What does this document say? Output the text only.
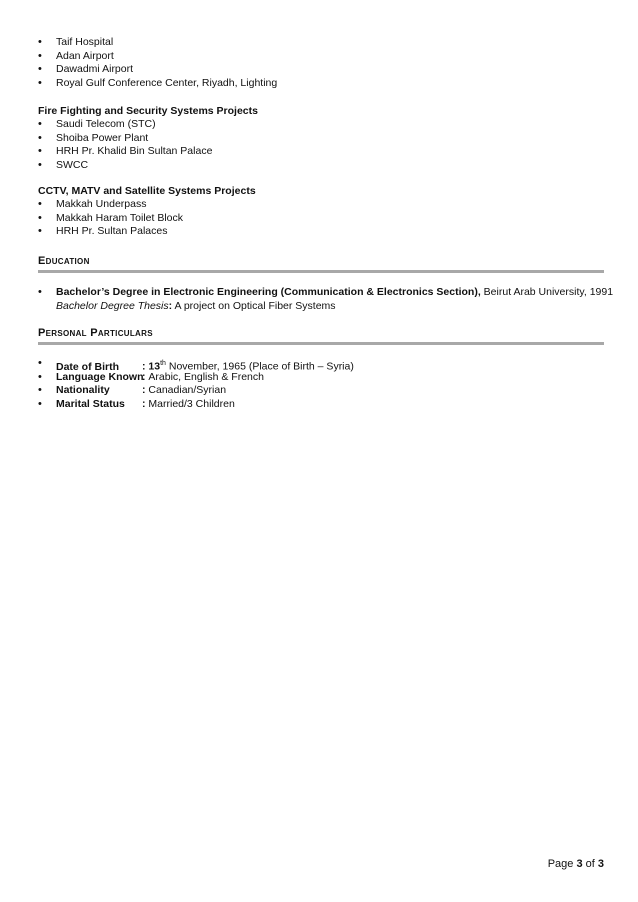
• Taif Hospital
• Adan Airport
• Dawadmi Airport
• Royal Gulf Conference Center, Riyadh, Lighting
Fire Fighting and Security Systems Projects
• Saudi Telecom (STC)
• Shoiba Power Plant
• HRH Pr. Khalid Bin Sultan Palace
• SWCC
CCTV, MATV and Satellite Systems Projects
• Makkah Underpass
• Makkah Haram Toilet Block
• HRH Pr. Sultan Palaces
Education
• Bachelor’s Degree in Electronic Engineering (Communication & Electronics Section), Beirut Arab University, 1991
Bachelor Degree Thesis: A project on Optical Fiber Systems
Personal Particulars
• Date of Birth : 13th November, 1965 (Place of Birth – Syria)
• Language Known: Arabic, English & French
• Nationality	: Canadian/Syrian
• Marital Status : Married/3 Children
Page 3 of 3
